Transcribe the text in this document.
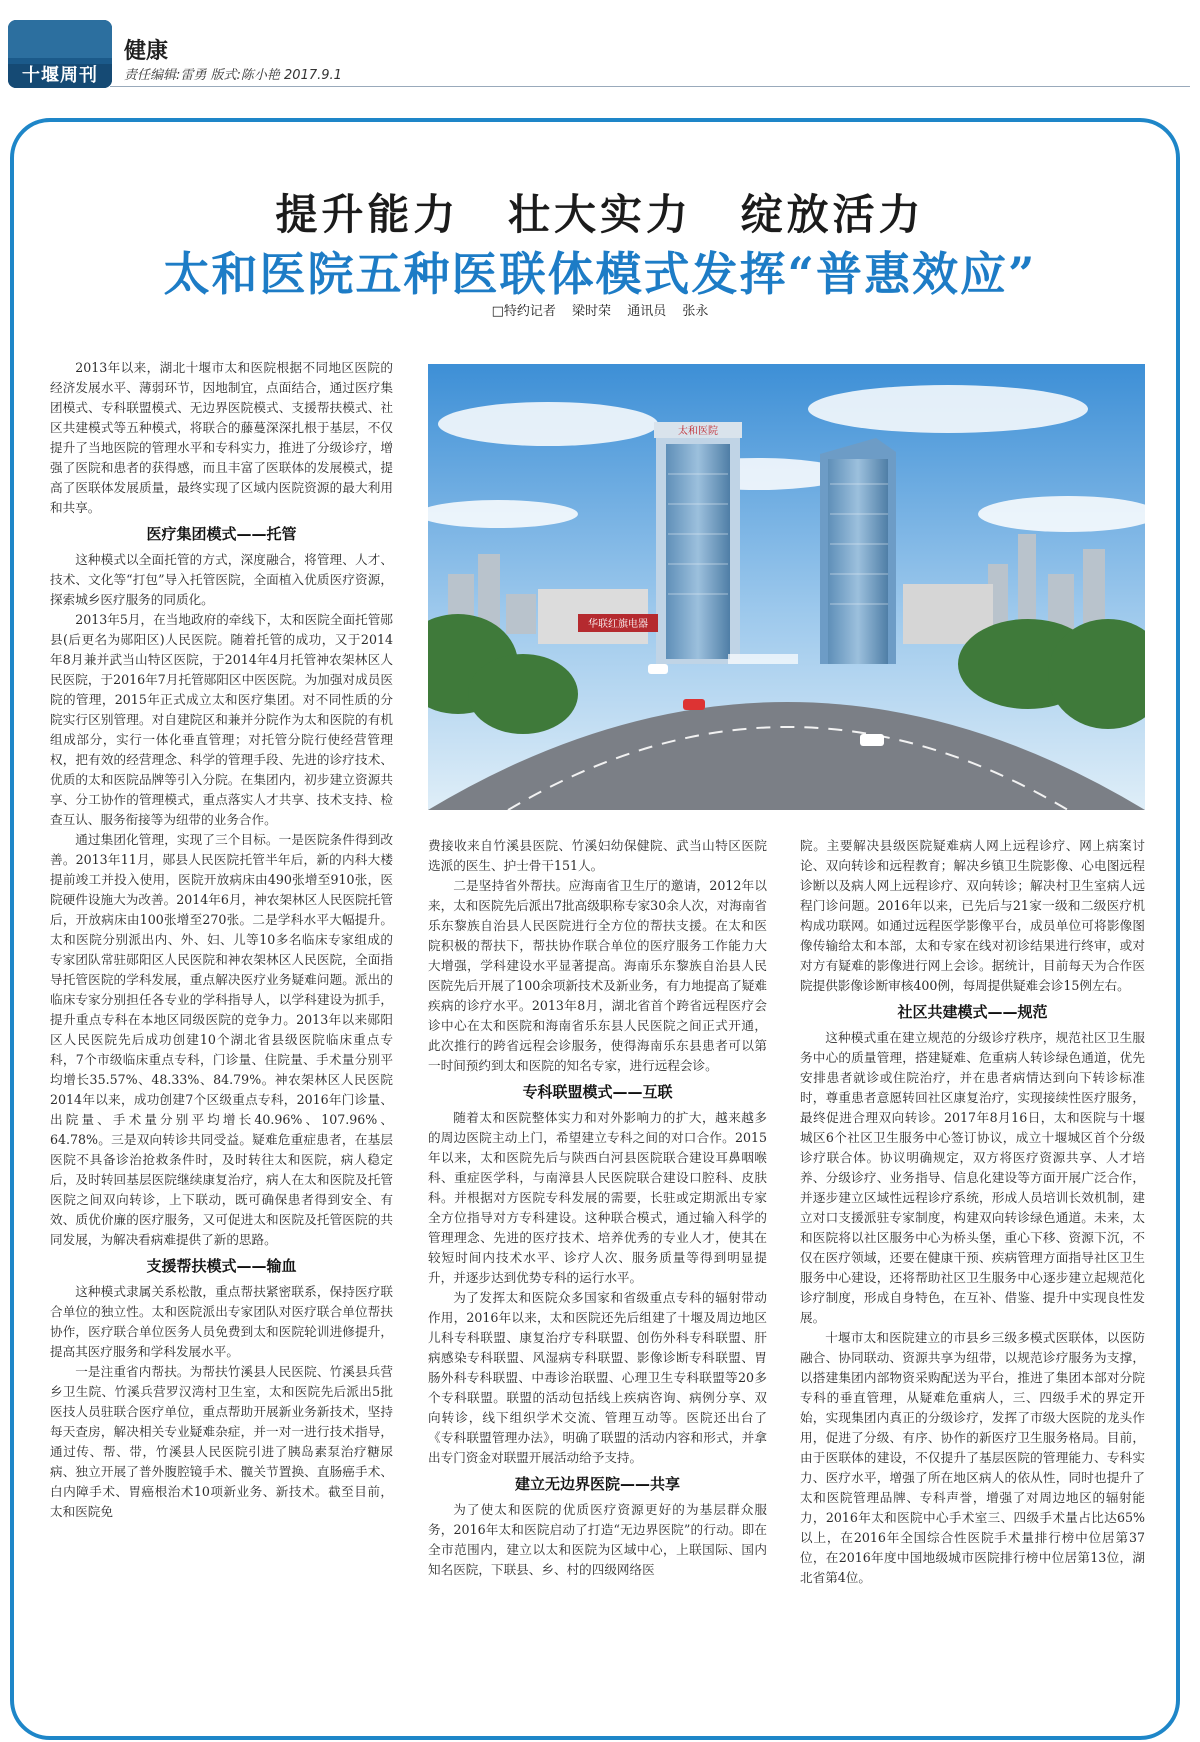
十堰周刊
健康
责任编辑:雷勇 版式:陈小艳 2017.9.1
提升能力 壮大实力 绽放活力
太和医院五种医联体模式发挥“普惠效应”
□特约记者 梁时荣 通讯员 张永
太和医院
华联红旗电器

2013年以来，湖北十堰市太和医院根据不同地区医院的经济发展水平、薄弱环节，因地制宜，点面结合，通过医疗集团模式、专科联盟模式、无边界医院模式、支援帮扶模式、社区共建模式等五种模式，将联合的藤蔓深深扎根于基层，不仅提升了当地医院的管理水平和专科实力，推进了分级诊疗，增强了医院和患者的获得感，而且丰富了医联体的发展模式，提高了医联体发展质量，最终实现了区域内医院资源的最大利用和共享。

医疗集团模式——托管

这种模式以全面托管的方式，深度融合，将管理、人才、技术、文化等“打包”导入托管医院，全面植入优质医疗资源，探索城乡医疗服务的同质化。

2013年5月，在当地政府的牵线下，太和医院全面托管郧县(后更名为郧阳区)人民医院。随着托管的成功，又于2014年8月兼并武当山特区医院，于2014年4月托管神农架林区人民医院，于2016年7月托管郧阳区中医医院。为加强对成员医院的管理，2015年正式成立太和医疗集团。对不同性质的分院实行区别管理。对自建院区和兼并分院作为太和医院的有机组成部分，实行一体化垂直管理；对托管分院行使经营管理权，把有效的经营理念、科学的管理手段、先进的诊疗技术、优质的太和医院品牌等引入分院。在集团内，初步建立资源共享、分工协作的管理模式，重点落实人才共享、技术支持、检查互认、服务衔接等为纽带的业务合作。

通过集团化管理，实现了三个目标。一是医院条件得到改善。2013年11月，郧县人民医院托管半年后，新的内科大楼提前竣工并投入使用，医院开放病床由490张增至910张，医院硬件设施大为改善。2014年6月，神农架林区人民医院托管后，开放病床由100张增至270张。二是学科水平大幅提升。太和医院分别派出内、外、妇、儿等10多名临床专家组成的专家团队常驻郧阳区人民医院和神农架林区人民医院，全面指导托管医院的学科发展，重点解决医疗业务疑难问题。派出的临床专家分别担任各专业的学科指导人，以学科建设为抓手，提升重点专科在本地区同级医院的竞争力。2013年以来郧阳区人民医院先后成功创建10个湖北省县级医院临床重点专科，7个市级临床重点专科，门诊量、住院量、手术量分别平均增长35.57%、48.33%、84.79%。神农架林区人民医院2014年以来，成功创建7个区级重点专科，2016年门诊量、出院量、手术量分别平均增长40.96%、107.96%、64.78%。三是双向转诊共同受益。疑难危重症患者，在基层医院不具备诊治抢救条件时，及时转往太和医院，病人稳定后，及时转回基层医院继续康复治疗，病人在太和医院及托管医院之间双向转诊，上下联动，既可确保患者得到安全、有效、质优价廉的医疗服务，又可促进太和医院及托管医院的共同发展，为解决看病难提供了新的思路。

支援帮扶模式——输血

这种模式隶属关系松散，重点帮扶紧密联系，保持医疗联合单位的独立性。太和医院派出专家团队对医疗联合单位帮扶协作，医疗联合单位医务人员免费到太和医院轮训进修提升，提高其医疗服务和学科发展水平。

一是注重省内帮扶。为帮扶竹溪县人民医院、竹溪县兵营乡卫生院、竹溪兵营罗汉湾村卫生室，太和医院先后派出5批医技人员驻联合医疗单位，重点帮助开展新业务新技术，坚持每天查房，解决相关专业疑难杂症，并一对一进行技术指导，通过传、帮、带，竹溪县人民医院引进了胰岛素泵治疗糖尿病、独立开展了普外腹腔镜手术、髋关节置换、直肠癌手术、白内障手术、胃癌根治术10项新业务、新技术。截至目前，太和医院免

费接收来自竹溪县医院、竹溪妇幼保健院、武当山特区医院选派的医生、护士骨干151人。

二是坚持省外帮扶。应海南省卫生厅的邀请，2012年以来，太和医院先后派出7批高级职称专家30余人次，对海南省乐东黎族自治县人民医院进行全方位的帮扶支援。在太和医院积极的帮扶下，帮扶协作联合单位的医疗服务工作能力大大增强，学科建设水平显著提高。海南乐东黎族自治县人民医院先后开展了100余项新技术及新业务，有力地提高了疑难疾病的诊疗水平。2013年8月，湖北省首个跨省远程医疗会诊中心在太和医院和海南省乐东县人民医院之间正式开通，此次推行的跨省远程会诊服务，使得海南乐东县患者可以第一时间预约到太和医院的知名专家，进行远程会诊。

专科联盟模式——互联

随着太和医院整体实力和对外影响力的扩大，越来越多的周边医院主动上门，希望建立专科之间的对口合作。2015年以来，太和医院先后与陕西白河县医院联合建设耳鼻咽喉科、重症医学科，与南漳县人民医院联合建设口腔科、皮肤科。并根据对方医院专科发展的需要，长驻或定期派出专家全方位指导对方专科建设。这种联合模式，通过输入科学的管理理念、先进的医疗技术、培养优秀的专业人才，使其在较短时间内技术水平、诊疗人次、服务质量等得到明显提升，并逐步达到优势专科的运行水平。

为了发挥太和医院众多国家和省级重点专科的辐射带动作用，2016年以来，太和医院还先后组建了十堰及周边地区儿科专科联盟、康复治疗专科联盟、创伤外科专科联盟、肝病感染专科联盟、风湿病专科联盟、影像诊断专科联盟、胃肠外科专科联盟、中毒诊治联盟、心理卫生专科联盟等20多个专科联盟。联盟的活动包括线上疾病咨询、病例分享、双向转诊，线下组织学术交流、管理互动等。医院还出台了《专科联盟管理办法》，明确了联盟的活动内容和形式，并拿出专门资金对联盟开展活动给予支持。

建立无边界医院——共享

为了使太和医院的优质医疗资源更好的为基层群众服务，2016年太和医院启动了打造“无边界医院”的行动。即在全市范围内，建立以太和医院为区域中心，上联国际、国内知名医院，下联县、乡、村的四级网络医

院。主要解决县级医院疑难病人网上远程诊疗、网上病案讨论、双向转诊和远程教育；解决乡镇卫生院影像、心电图远程诊断以及病人网上远程诊疗、双向转诊；解决村卫生室病人远程门诊问题。2016年以来，已先后与21家一级和二级医疗机构成功联网。如通过远程医学影像平台，成员单位可将影像图像传输给太和本部，太和专家在线对初诊结果进行终审，或对对方有疑难的影像进行网上会诊。据统计，目前每天为合作医院提供影像诊断审核400例，每周提供疑难会诊15例左右。

社区共建模式——规范

这种模式重在建立规范的分级诊疗秩序，规范社区卫生服务中心的质量管理，搭建疑难、危重病人转诊绿色通道，优先安排患者就诊或住院治疗，并在患者病情达到向下转诊标准时，尊重患者意愿转回社区康复治疗，实现接续性医疗服务，最终促进合理双向转诊。2017年8月16日，太和医院与十堰城区6个社区卫生服务中心签订协议，成立十堰城区首个分级诊疗联合体。协议明确规定，双方将医疗资源共享、人才培养、分级诊疗、业务指导、信息化建设等方面开展广泛合作，并逐步建立区域性远程诊疗系统，形成人员培训长效机制，建立对口支援派驻专家制度，构建双向转诊绿色通道。未来，太和医院将以社区服务中心为桥头堡，重心下移、资源下沉，不仅在医疗领域，还要在健康干预、疾病管理方面指导社区卫生服务中心建设，还将帮助社区卫生服务中心逐步建立起规范化诊疗制度，形成自身特色，在互补、借鉴、提升中实现良性发展。

十堰市太和医院建立的市县乡三级多模式医联体，以医防融合、协同联动、资源共享为纽带，以规范诊疗服务为支撑，以搭建集团内部物资采购配送为平台，推进了集团本部对分院专科的垂直管理，从疑难危重病人，三、四级手术的界定开始，实现集团内真正的分级诊疗，发挥了市级大医院的龙头作用，促进了分级、有序、协作的新医疗卫生服务格局。目前，由于医联体的建设，不仅提升了基层医院的管理能力、专科实力、医疗水平，增强了所在地区病人的依从性，同时也提升了太和医院管理品牌、专科声誉，增强了对周边地区的辐射能力，2016年太和医院中心手术室三、四级手术量占比达65%以上，在2016年全国综合性医院手术量排行榜中位居第37位，在2016年度中国地级城市医院排行榜中位居第13位，湖北省第4位。
